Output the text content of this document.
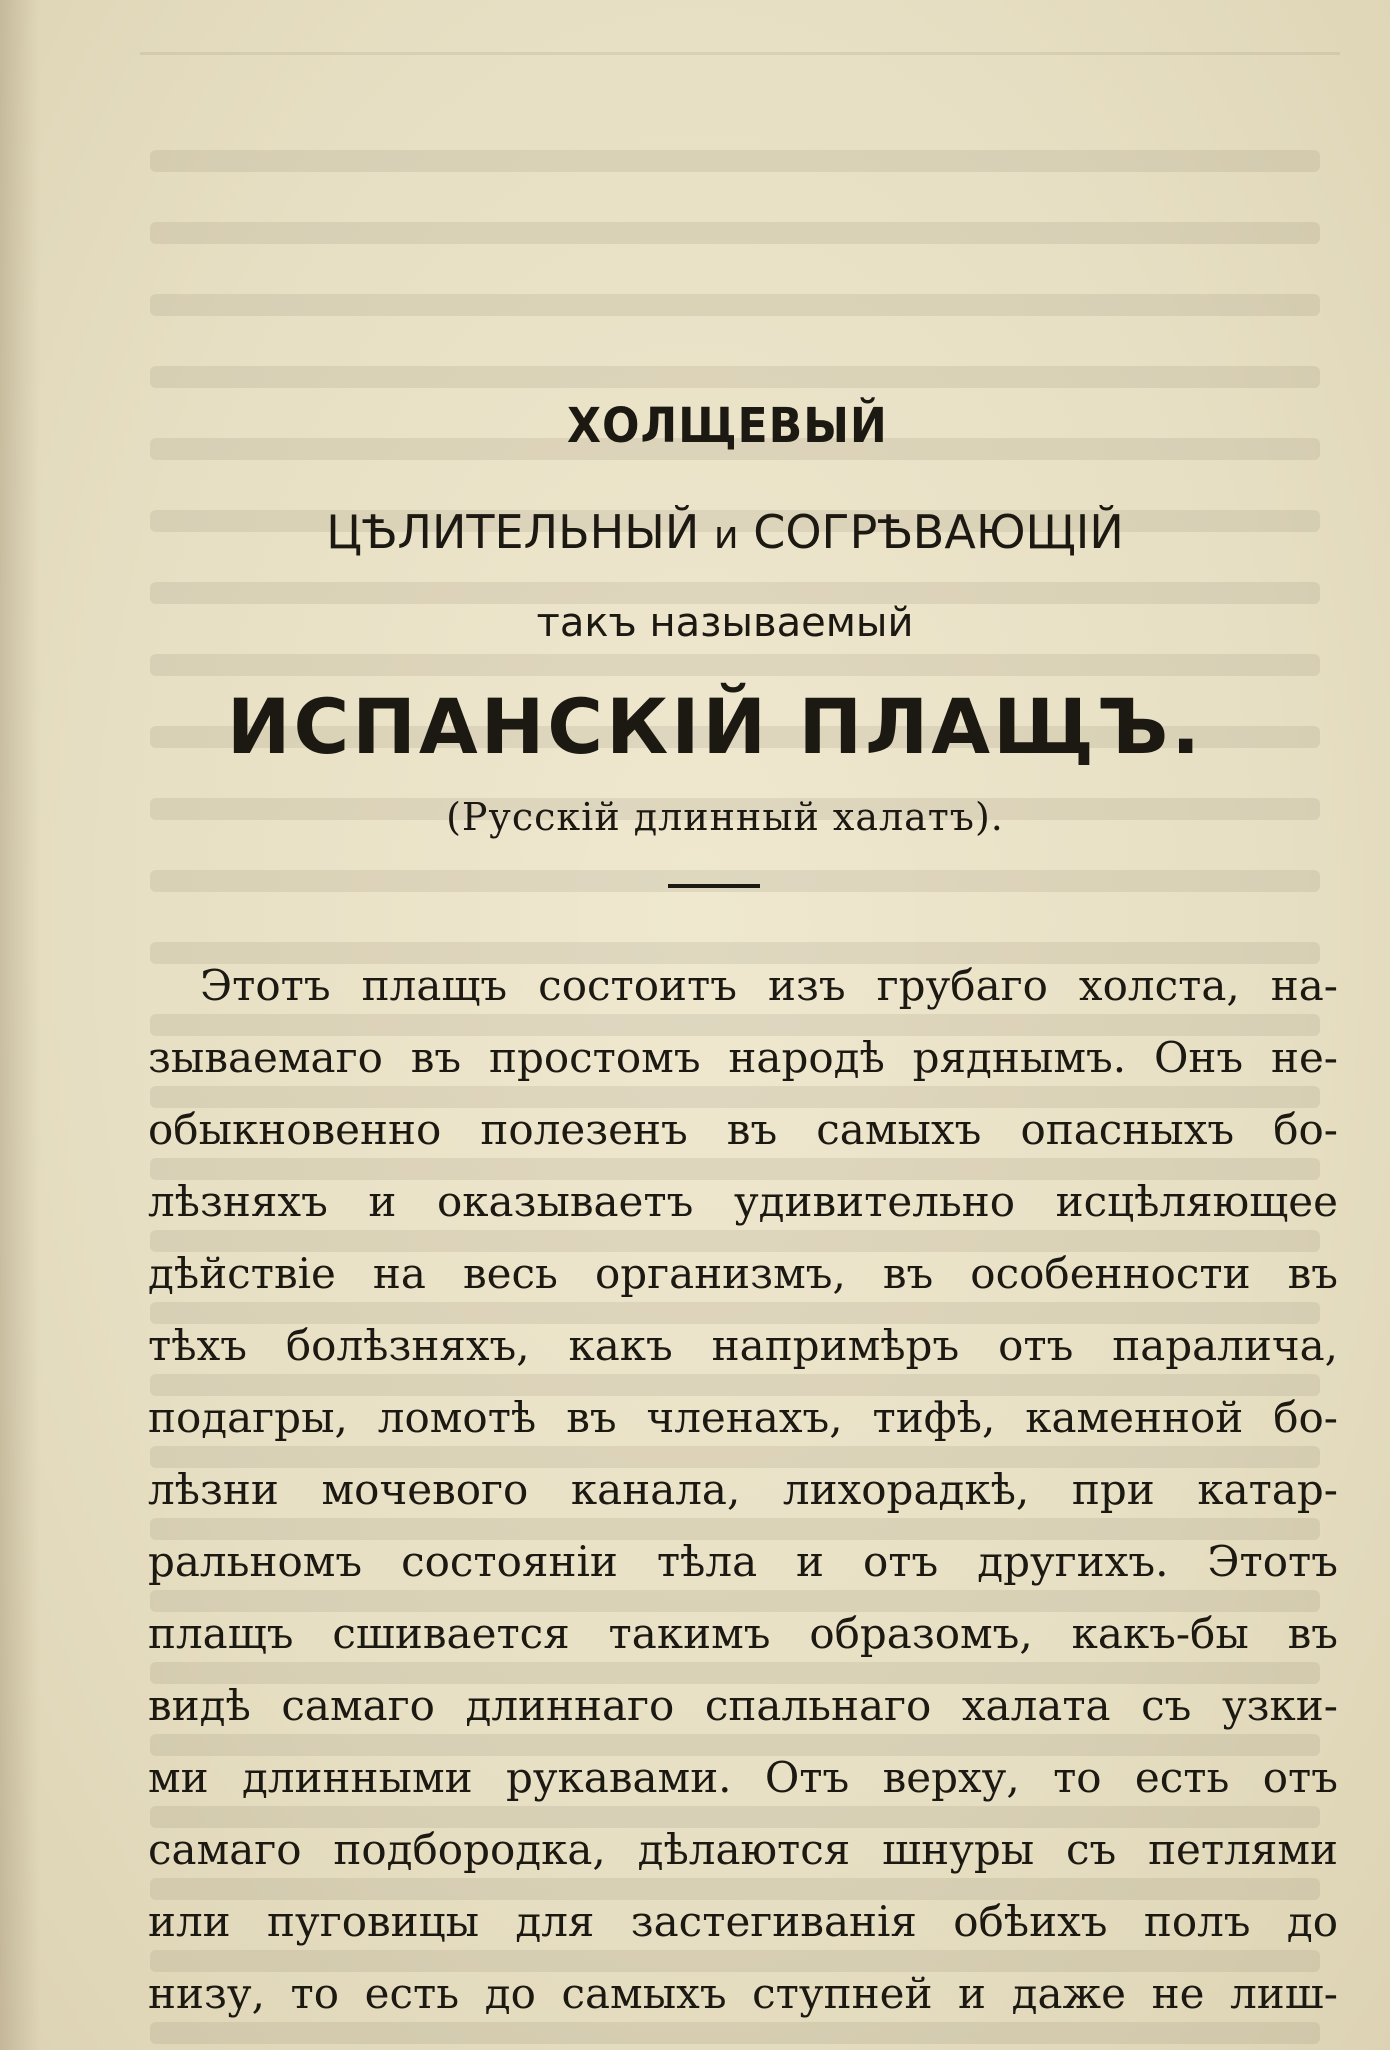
ХОЛЩЕВЫЙ
ЦѢЛИТЕЛЬНЫЙ и СОГРѢВАЮЩІЙ
такъ называемый
ИСПАНСКІЙ ПЛАЩЪ.
(Русскій длинный халатъ).
Этотъ плащъ состоитъ изъ грубаго холста, на-
зываемаго въ простомъ народѣ ряднымъ. Онъ не-
обыкновенно полезенъ въ самыхъ опасныхъ бо-
лѣзняхъ и оказываетъ удивительно исцѣляющее
дѣйствіе на весь организмъ, въ особенности въ
тѣхъ болѣзняхъ, какъ напримѣръ отъ паралича,
подагры, ломотѣ въ членахъ, тифѣ, каменной бо-
лѣзни мочевого канала, лихорадкѣ, при катар-
ральномъ состояніи тѣла и отъ другихъ. Этотъ
плащъ сшивается такимъ образомъ, какъ-бы въ
видѣ самаго длиннаго спальнаго халата съ узки-
ми длинными рукавами. Отъ верху, то есть отъ
самаго подбородка, дѣлаются шнуры съ петлями
или пуговицы для застегиванія обѣихъ полъ до
низу, то есть до самыхъ ступней и даже не лиш-
